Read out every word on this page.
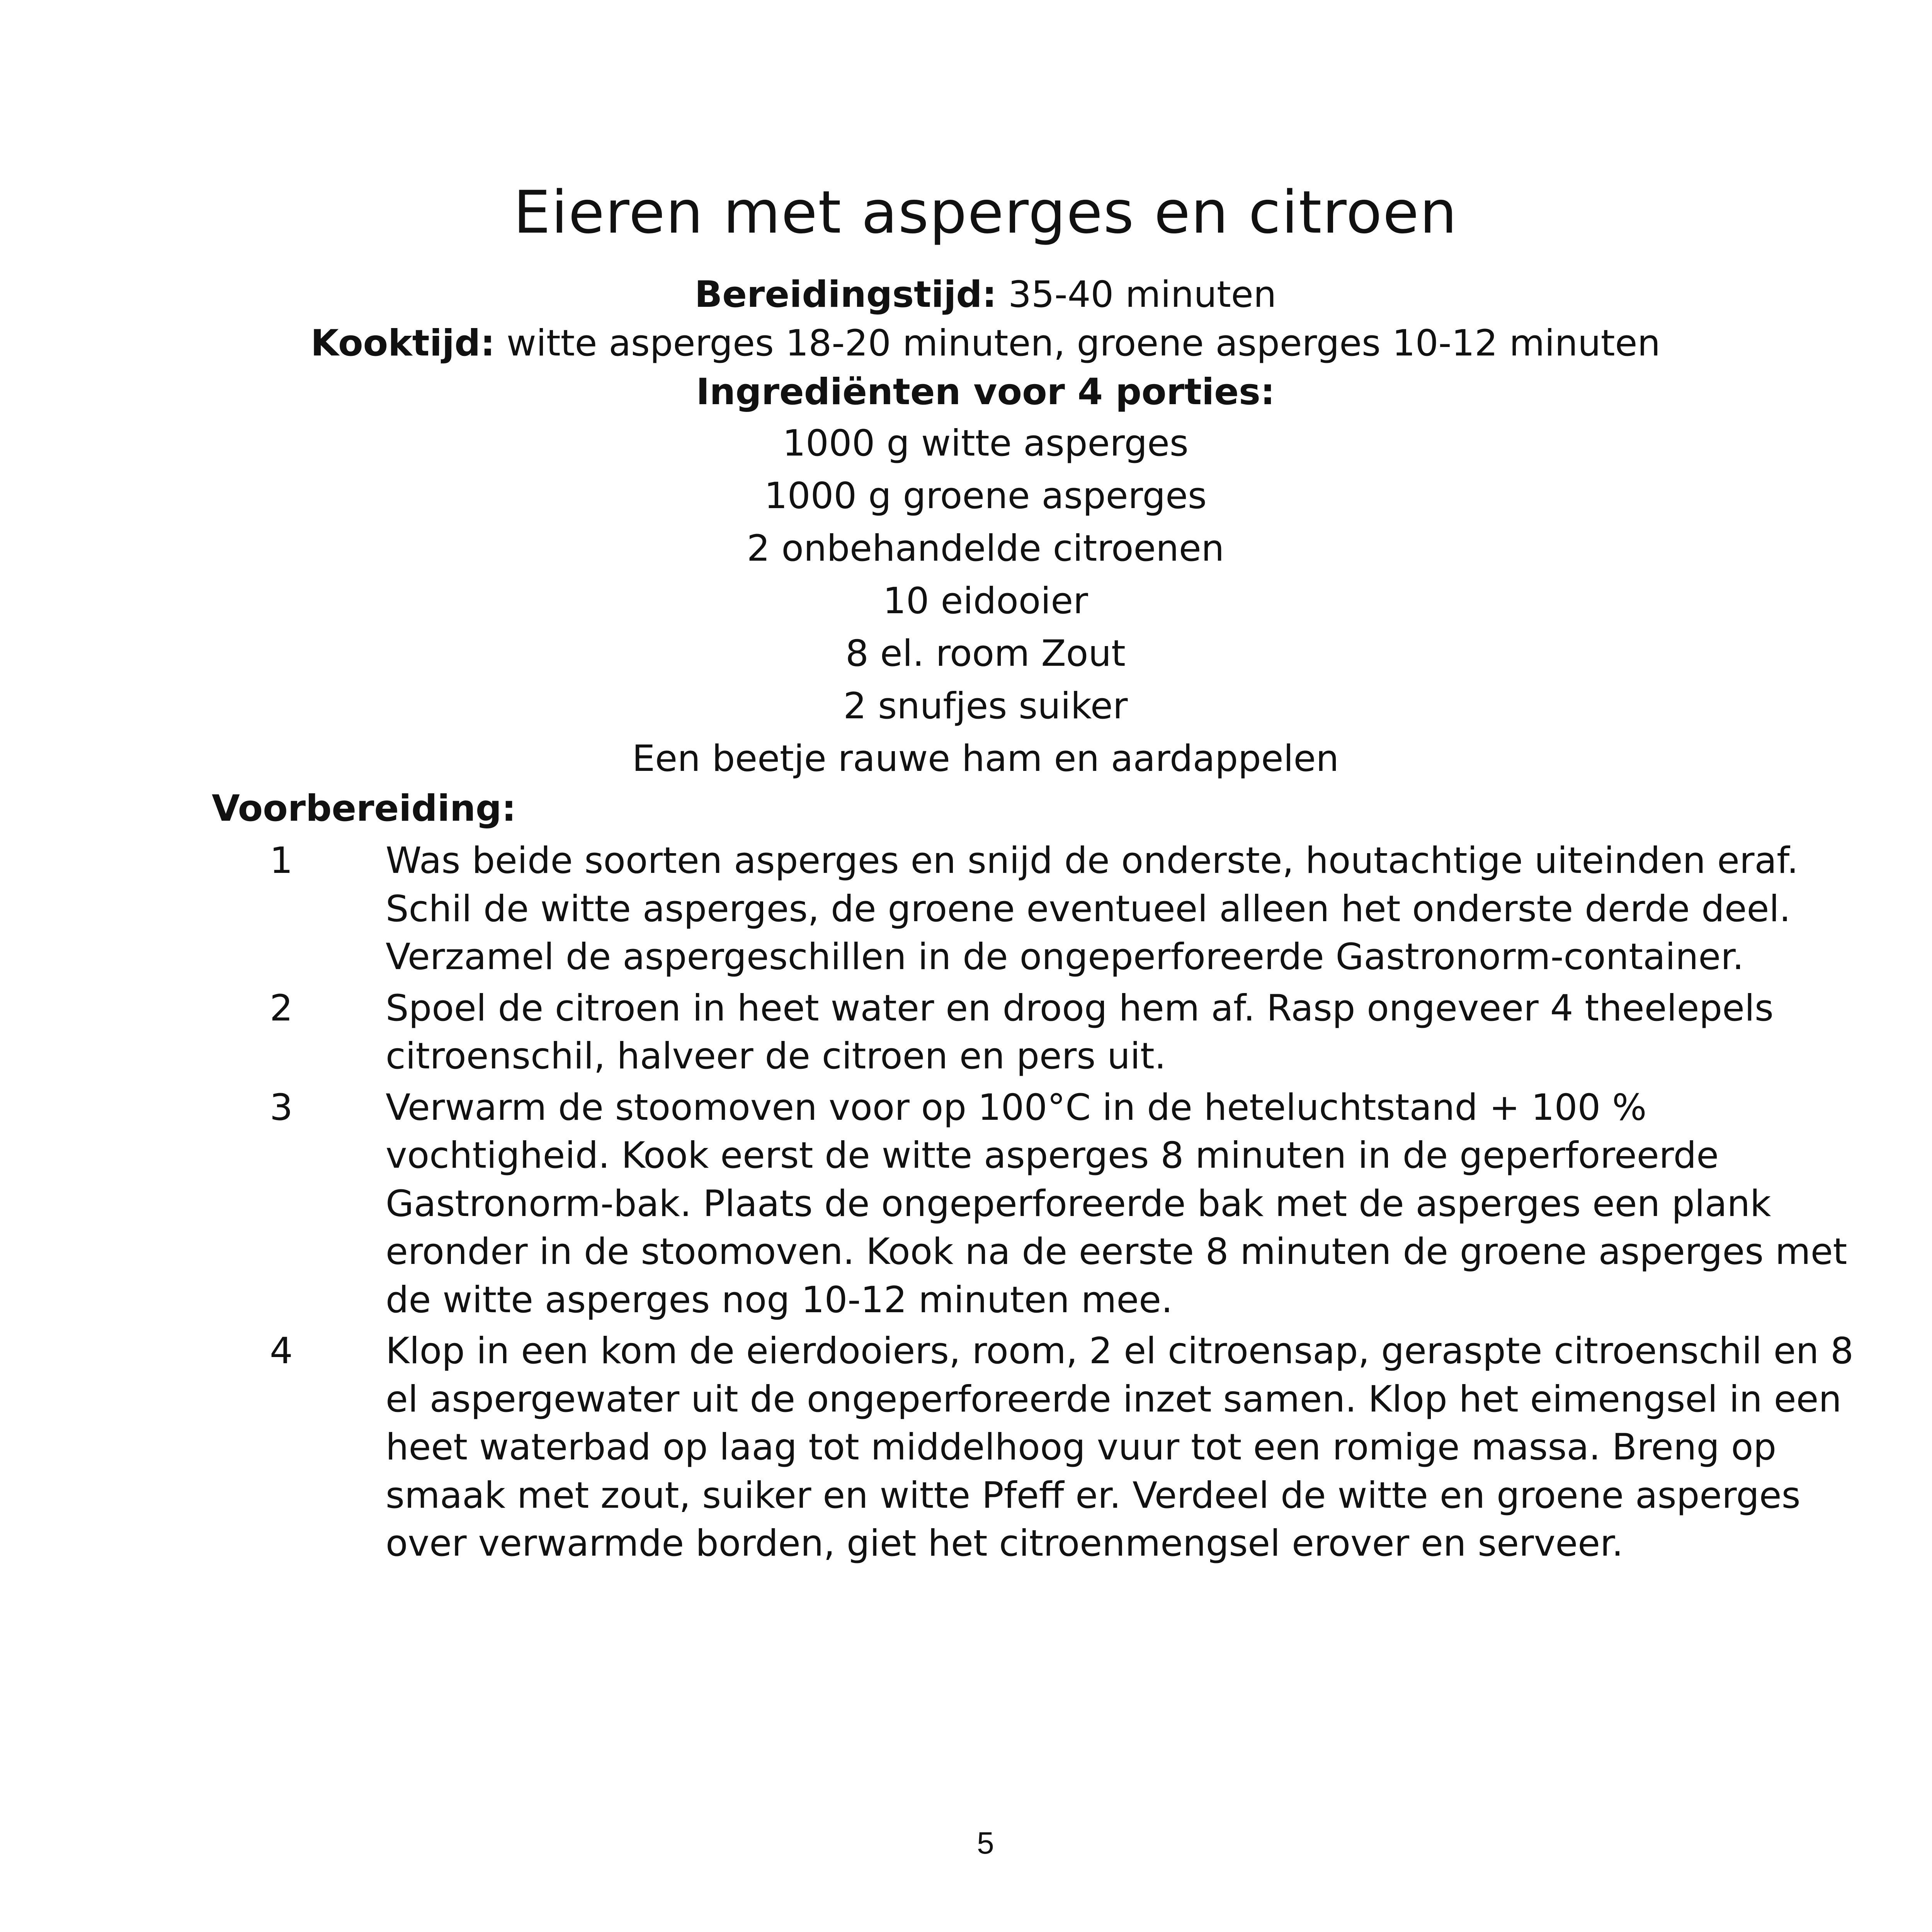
Eieren met asperges en citroen
Bereidingstijd: 35-40 minuten
Kooktijd: witte asperges 18-20 minuten, groene asperges 10-12 minuten
Ingrediënten voor 4 porties:
1000 g witte asperges
1000 g groene asperges
2 onbehandelde citroenen
10 eidooier
8 el. room Zout
2 snufjes suiker
Een beetje rauwe ham en aardappelen
Voorbereiding:
1	Was beide soorten asperges en snijd de onderste, houtachtige uiteinden eraf. Schil de witte asperges, de groene eventueel alleen het onderste derde deel. Verzamel de aspergeschillen in de ongeperforeerde Gastronorm-container.
2	Spoel de citroen in heet water en droog hem af. Rasp ongeveer 4 theelepels citroenschil, halveer de citroen en pers uit.
3	Verwarm de stoomoven voor op 100°C in de heteluchtstand + 100 % vochtigheid. Kook eerst de witte asperges 8 minuten in de geperforeerde Gastronorm-bak. Plaats de ongeperforeerde bak met de asperges een plank eronder in de stoomoven. Kook na de eerste 8 minuten de groene asperges met de witte asperges nog 10-12 minuten mee.
4	Klop in een kom de eierdooiers, room, 2 el citroensap, geraspte citroenschil en 8 el aspergewater uit de ongeperforeerde inzet samen. Klop het eimengsel in een heet waterbad op laag tot middelhoog vuur tot een romige massa. Breng op smaak met zout, suiker en witte Pfeff er. Verdeel de witte en groene asperges over verwarmde borden, giet het citroenmengsel erover en serveer.
5
